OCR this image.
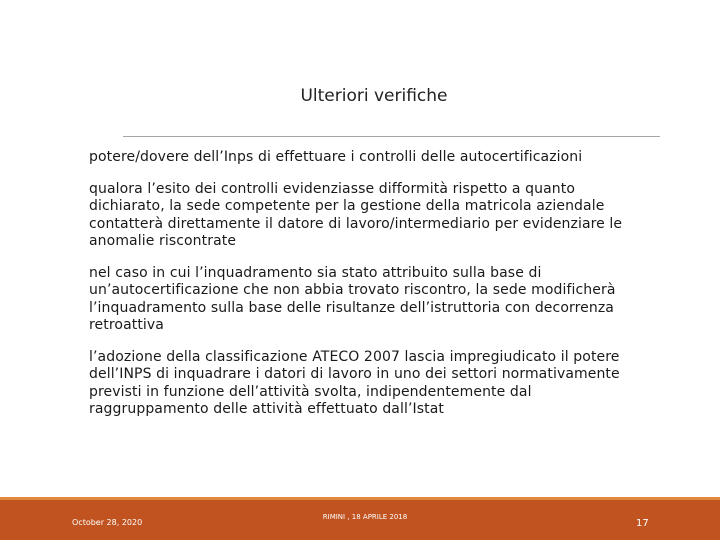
Ulteriori verifiche

potere/dovere dell’Inps di effettuare i controlli delle autocertificazioni

qualora l’esito dei controlli evidenziasse difformità rispetto a quanto dichiarato, la sede competente per la gestione della matricola aziendale contatterà direttamente il datore di lavoro/intermediario per evidenziare le anomalie riscontrate

nel caso in cui l’inquadramento sia stato attribuito sulla base di un’autocertificazione che non abbia trovato riscontro, la sede modificherà l’inquadramento sulla base delle risultanze dell’istruttoria con decorrenza retroattiva

l’adozione della classificazione ATECO 2007 lascia impregiudicato il potere dell’INPS di inquadrare i datori di lavoro in uno dei settori normativamente previsti in funzione dell’attività svolta, indipendentemente dal raggruppamento delle attività effettuato dall’Istat

October 28, 2020
RIMINI , 18 APRILE 2018
17
